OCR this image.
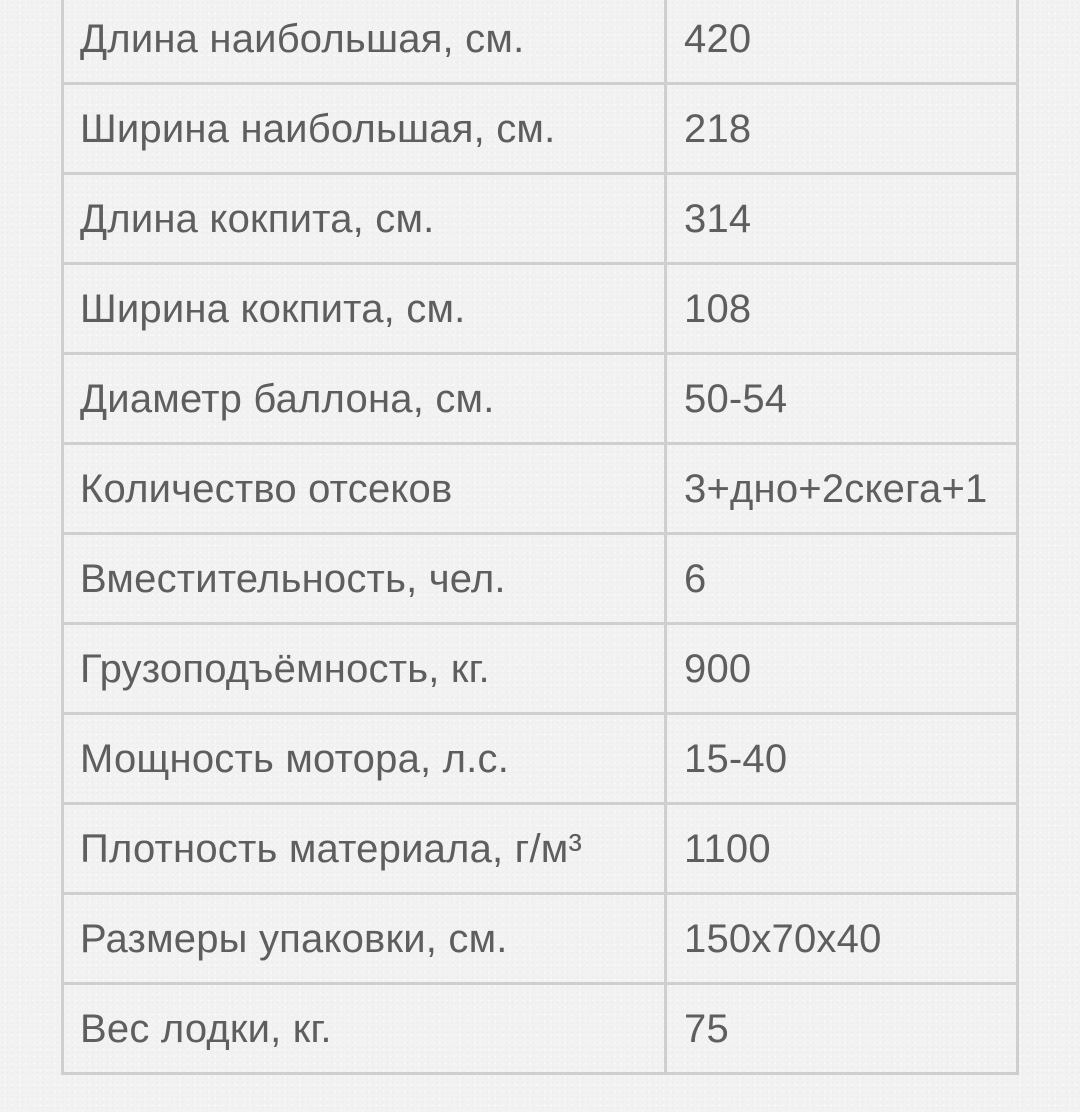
Длина наибольшая, см.	420
Ширина наибольшая, см.	218
Длина кокпита, см.	314
Ширина кокпита, см.	108
Диаметр баллона, см.	50-54
Количество отсеков	3+дно+2скега+1
Вместительность, чел.	6
Грузоподъёмность, кг.	900
Мощность мотора, л.с.	15-40
Плотность материала, г/м³	1100
Размеры упаковки, см.	150х70х40
Вес лодки, кг.	75
